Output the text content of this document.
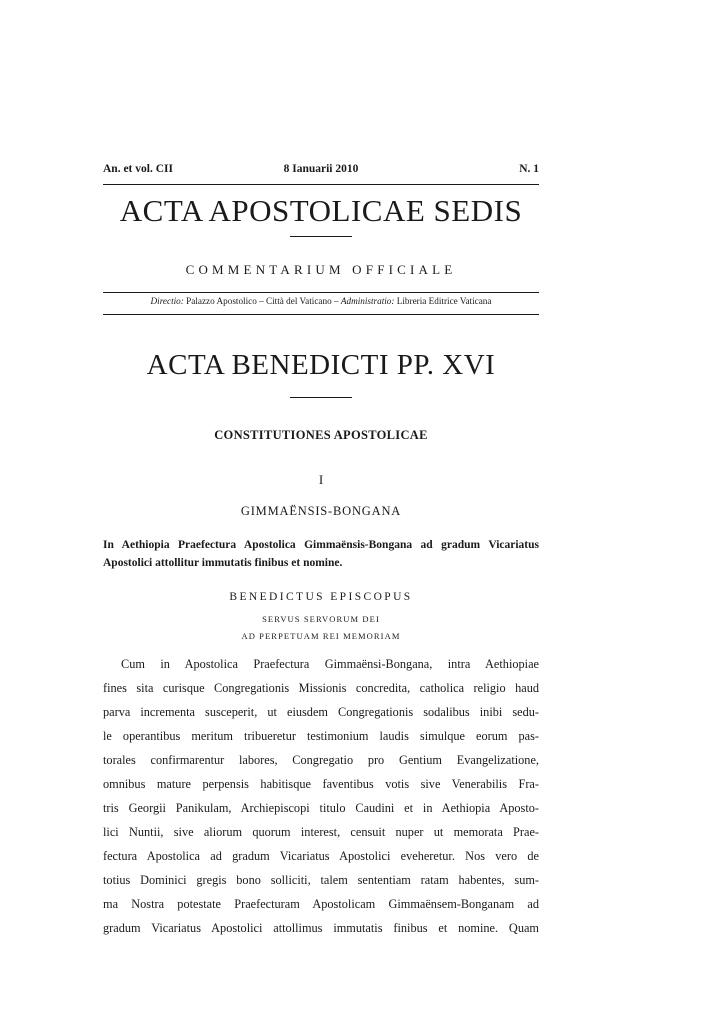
An. et vol. CII	8 Ianuarii 2010	N. 1
ACTA APOSTOLICAE SEDIS
COMMENTARIUM OFFICIALE
Directio: Palazzo Apostolico – Città del Vaticano – Administratio: Libreria Editrice Vaticana
ACTA BENEDICTI PP. XVI
CONSTITUTIONES APOSTOLICAE
I
GIMMAËNSIS-BONGANA
In Aethiopia Praefectura Apostolica Gimmaënsis-Bongana ad gradum Vicariatus
Apostolici attollitur immutatis finibus et nomine.
BENEDICTUS EPISCOPUS
SERVUS SERVORUM DEI
AD PERPETUAM REI MEMORIAM
Cum in Apostolica Praefectura Gimmaënsi-Bongana, intra Aethiopiae
fines sita curisque Congregationis Missionis concredita, catholica religio haud
parva incrementa susceperit, ut eiusdem Congregationis sodalibus inibi sedu-
le operantibus meritum tribueretur testimonium laudis simulque eorum pas-
torales confirmarentur labores, Congregatio pro Gentium Evangelizatione,
omnibus mature perpensis habitisque faventibus votis sive Venerabilis Fra-
tris Georgii Panikulam, Archiepiscopi titulo Caudini et in Aethiopia Aposto-
lici Nuntii, sive aliorum quorum interest, censuit nuper ut memorata Prae-
fectura Apostolica ad gradum Vicariatus Apostolici eveheretur. Nos vero de
totius Dominici gregis bono solliciti, talem sententiam ratam habentes, sum-
ma Nostra potestate Praefecturam Apostolicam Gimmaënsem-Bonganam ad
gradum Vicariatus Apostolici attollimus immutatis finibus et nomine. Quam
